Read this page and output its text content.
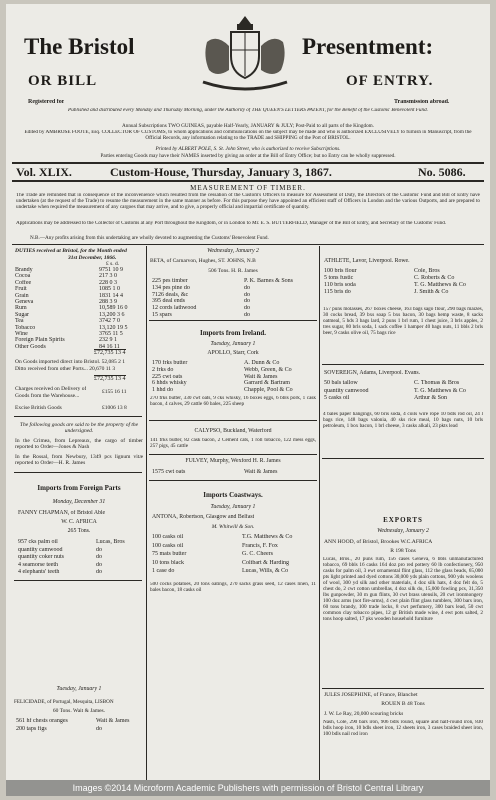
The Bristol	Presentment:
OR BILL	OF ENTRY.
Registered for	Transmission abroad.
Published and distributed every Monday and Thursday Morning, under the Authority of THE QUEEN'S LETTERS PATENT, for the Benefit of the Customs' Benevolent Fund.
Annual Subscriptions TWO GUINEAS, payable Half-Yearly, JANUARY & JULY; Post-Paid to all parts of the Kingdom.
Edited by AMBROSE FOOTE, Esq. COLLECTOR OF CUSTOMS, to whom applications and communications on the subject may be made and who is authorized EXCLUSIVELY to furnish in Manuscript, from the Official Records, any information relating to the TRADE and SHIPPING of the Port of BRISTOL.
Printed by ALBERT POLE, S. St. John Street, who is authorized to receive Subscriptions.
Parties entering Goods may have their NAMES inserted by giving an order at the Bill of Entry Office; but no Entry can be wholly suppressed.
Vol. XLIX.	Custom-House, Thursday, January 3, 1867.	No. 5086.
MEASUREMENT OF TIMBER.
The Trade are reminded that in consequence of the inconvenience which resulted from the cessation of the Custom's Officers to measure for Assessment of Duty, the Directors of the Customs' Fund and Bill of Entry have undertaken (at the request of the Trade) to resume the measurement in the same manner as before. For this purpose they have appointed an efficient staff of Officers in London and the various Outports, and are prepared to undertake when required the measurement of any cargoes that may arrive, and to give, a properly official and impartial certificate of quantity.
Applications may be addressed to the Collector of Customs at any Port throughout the Kingdom, or in London to Mr. E. S. BUTTERFIELD, Manager of the Bill of Entry, and Secretary of the Customs' Fund.
N.B.—Any profits arising from this undertaking are wholly devoted to augmenting the Customs' Benevolent Fund.
DUTIES received at Bristol, for the Month ended
31st December, 1866.
£ s. d.
Brandy	9751 10 9
Cocoa	217 3 0
Coffee	228 0 3
Fruit	1085 1 0
Grain	1831 14 4
Geneva	288 3 9
Rum	10,589 16 0
Sugar	13,200 3 6
Tea	3742 7 0
Tobacco	13,120 19 5
Wine	3765 11 5
Foreign Plain Spirits	232 9 1
Other Goods	84 16 11
£72,735 13 4
On Goods imported direct into Bristol. 52,085 2 1
Ditto received from other Ports... 20,670 11 3
£72,735 13 4
Charges received on Delivery of
Goods from the Warehouse...
£155 16 11
Excise British Goods	£1006 13 8
The following goods are said to be the property of the undersigned.
In the Crimea, from Lepreaux, the cargo of timber reported to Order—Jones & Nash
In the Rossal, from Newbury, 1349 pcs lignum vitæ reported to Order—H. R. James
Imports from Foreign Parts
Monday, December 31
FANNY CHAPMAN, of Bristol Able
W. C. AFRICA
265 Tons.
957 cks palm oil	Lucas, Bros
quantity camwood	do
quantity coker nuts	do
4 seamorse teeth	do
4 elephants' teeth	do
Tuesday, January 1
FELICIDADE, of Portugal, Mesquita, LISBON
60 Tons. Wait & James.
561 hf chests oranges	Wait & James
200 taps figs	do
Wednesday, January 2
BETA, of Carnarvon, Hughes, ST. JOHNS, N.B
506 Tons. H. R. James
225 pes timber	P. K. Barnes & Sons
134 pes pine do	do
7126 deals, &c	do
395 deal ends	do
12 cords lathwood	do
15 spars	do
Imports from Ireland.
Tuesday, January 1
APOLLO, Starr, Cork
170 frks butter	A. Dunn & Co
2 frks do	Webb, Green, & Co
225 cwt oats	Wait & James
6 hhds whisky	Garrard & Bartram
1 hhd do	Chapple, Pool & Co
270 frks butter, 330 cwt oats, 9 cks whisky, 16 boxes eggs, 6 bbls pork, 1 cask bacon, 4 calves, 29 cattle 60 bales, 225 sheep
CALYPSO, Buckland, Waterford
141 frks butter, 82 cask bacon, 2 Cement cats, 1 roll tobacco, 122 mess eggs, 257 pigs, 45 cattle
FULVEY, Murphy, Wexford H. R. James
1575 cwt oats	Wait & James
Imports Coastways.
Tuesday, January 1
ANTONA, Robertson, Glasgow and Belfast
M. Whitwill & Son.
100 casks oil	T.G. Matthews & Co
100 casks oil	Francis, F. Fox
75 mats butter	G. C. Cheers
10 tons black	Coltbart & Harding
1 case do	Lucas, Wills, & Co
500 cocks potatoes, 20 tons oatings, 270 sacks grass seed, 12 cases linen, 11 bales bacon, 18 casks oil
ATHLETE, Lavor, Liverpool. Rowe.
100 bris flour	Cole, Bros
5 tons fustic	C. Roberts & Co
110 bris soda	T. G. Matthews & Co
115 bris do	J. Smith & Co
157 puns molasses, 267 boxes cheese, 163 bags sago flour, 290 bags maizes, 30 cocks bread, 39 bxs soap 5 bxs bacon, 30 bags hemp waste, 8 sacks oatmeal, 5 hds 3 bags lard, 2 puns 1 brl rum, 1 chest juice, 3 brls apples, 2 tres sugar, 80 brls soda, 1 sack coffee 1 hamper 40 bags nuts, 11 bbls 2 brls beer, 9 casks olive oil, 75 bags rice
SOVEREIGN, Adams, Liverpool. Evans.
50 bals tallow	C. Thomas & Bros
quantity camwood	T. G. Matthews & Co
5 casks oil	Arthur & Son
4 bales paper hangings, 60 bris soda, 4 coils wire rope 10 bdls rod oil, 24 l bags rice, 148 bags valonia, 40 sks rice meal, 10 bags nuts, 10 brls petroleum, 1 box bacon, 1 brl cheese, 3 casks alkali, 23 pkts lead
EXPORTS
Wednesday, January 2
ANN HOOD, of Bristol, Brookes W.C.AFRICA
R 198 Tons
Lucas, Bros., 20 puns rum, 156 cases Geneva, 6 bbls unmanufactured tobacco, 69 bbls 16 casks 164 doz pro red pottery 60 lb confectionery, 950 casks for palm oil, 3 ewt ornamental flint glass, 112 the glass beads, 65,000 pts light printed and dyed cottons 30,000 yds plain cottons, 900 yds woolens of wool, 300 yd silk and other materials, 4 doz silk hats, 4 doz felt do, 5 chest do, 2 cwt cotton umbrellas, 4 doz silk do, 15,000 fowling pcs, 31,350 lbs gunpowder, 30 m gun flints, 30 cwt brass utensils, 20 cwt ironmongery 100 doz arms (not fire-arms), 4 cwt plain flint glass tumblers, 300 bars iron, 60 tons brandy, 100 trade locks, 8 cwt perfumery, 300 bars lead, 50 cwt common clay tobacco pipes, 12 gr British made wine, 4 ewt pots salted, 2 tons hoop salted, 17 pks wooden household furniture
JULES JOSEPHINE, of France, Blanchet
ROUEN B 48 Tons
J. W. Le Ray, 20,000 scouring bricks
Nash, Cole, 290 bars iron, 906 bdls round, square and half-round iron, 830 bdls hoop iron, 10 bdls sheet iron, 12 sheets iron, 3 cases braided sheet iron, 100 bdls nail rod iron
Images ©2014 Microform Academic Publishers with permission of Bristol Central Library
